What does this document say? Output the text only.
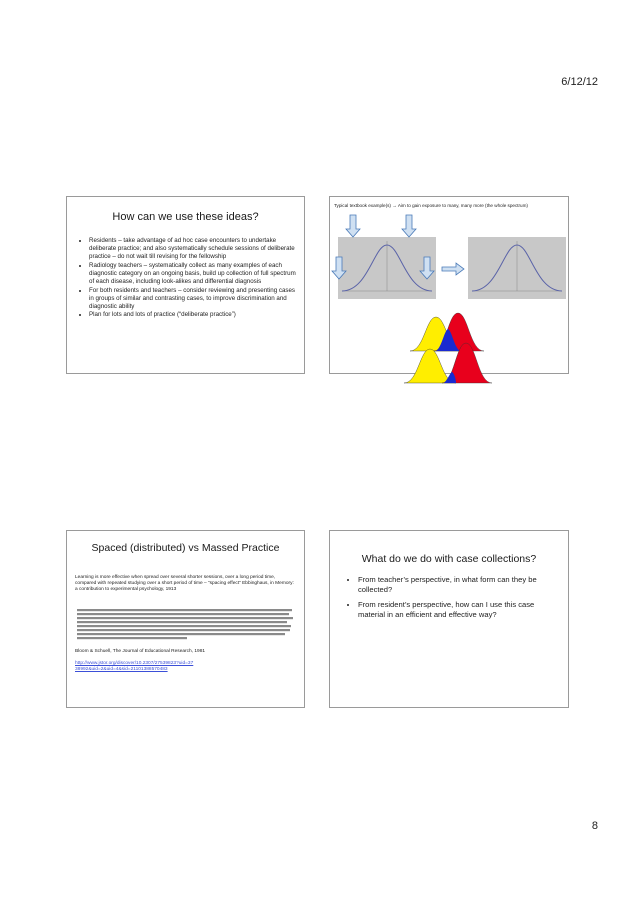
6/12/12
How can we use these ideas?
• Residents – take advantage of ad hoc case encounters to undertake deliberate practice; and also systematically schedule sessions of deliberate practice – do not wait till revising for the fellowship
• Radiology teachers – systematically collect as many examples of each diagnostic category on an ongoing basis, build up collection of full spectrum of each disease, including look-alikes and differential diagnosis
• For both residents and teachers – consider reviewing and presenting cases in groups of similar and contrasting cases, to improve discrimination and diagnostic ability
• Plan for lots and lots of practice (“deliberate practice”)
Typical textbook example(s) → Aim to gain exposure to many, many more (the whole spectrum)
Spaced (distributed) vs Massed Practice
Learning is more effective when spread over several shorter sessions, over a long period time, compared with repeated studying over a short period of time – “spacing effect” Ebbinghaus, in Memory: a contribution to experimental psychology, 1913
Bloom & Schuell, The Journal of Educational Research, 1981
http://www.jstor.org/discover/10.2307/27539823?uid=3738992&uid=2&uid=4&sid=21101388570483
What do we do with case collections?
• From teacher’s perspective, in what form can they be collected?
• From resident’s perspective, how can I use this case material in an efficient and effective way?
8
